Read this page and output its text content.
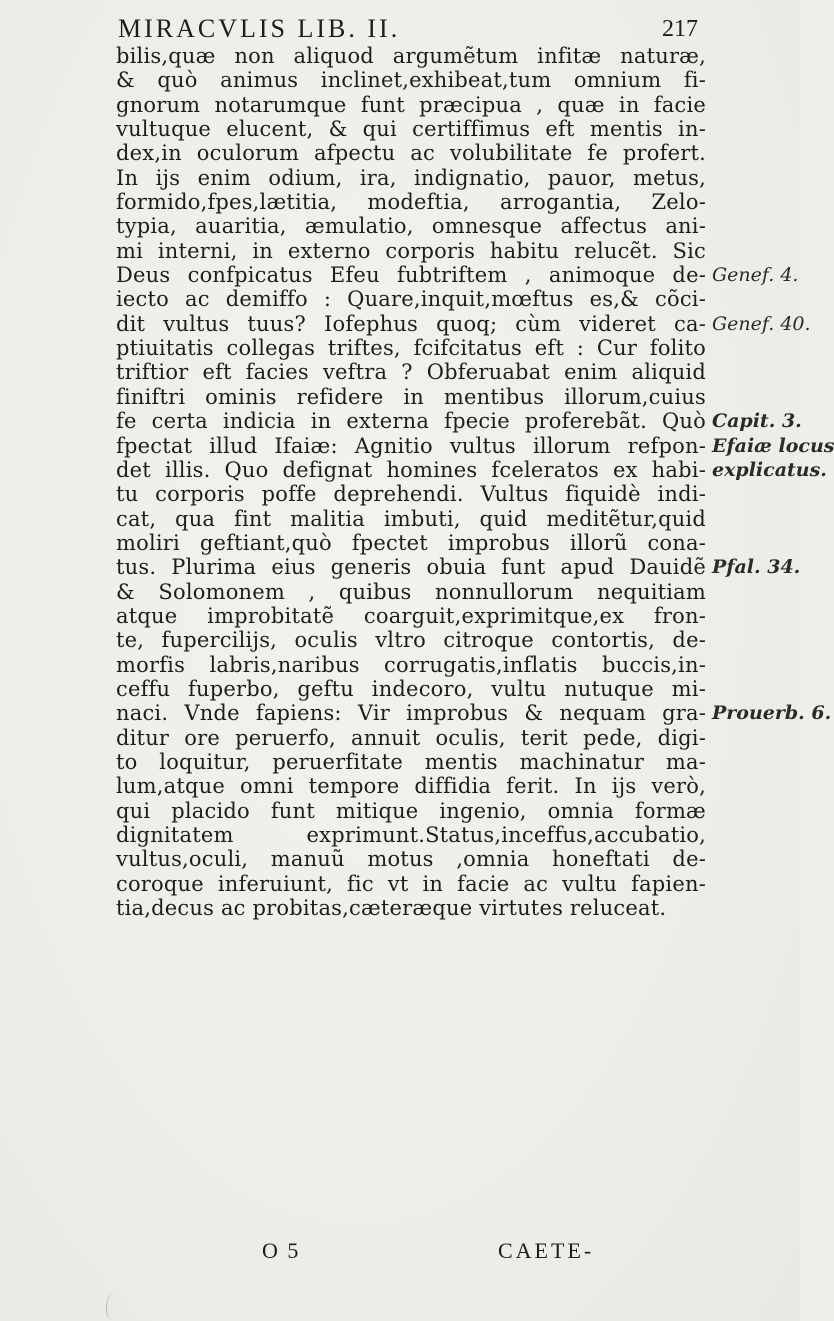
MIRACVLIS LIB. II.	217
bilis,quæ non aliquod argumẽtum infitæ naturæ,
& quò animus inclinet,exhibeat,tum omnium fi-
gnorum notarumque funt præcipua , quæ in facie
vultuque elucent, & qui certiffimus eft mentis in-
dex,in oculorum afpectu ac volubilitate fe profert.
In ijs enim odium, ira, indignatio, pauor, metus,
formido,fpes,lætitia, modeftia, arrogantia, Zelo-
typia, auaritia, æmulatio, omnesque affectus ani-
mi interni, in externo corporis habitu relucẽt. Sic
Deus confpicatus Efeu fubtriftem , animoque de-
iecto ac demiffo : Quare,inquit,mœftus es,& cõci-
dit vultus tuus? Iofephus quoq; cùm videret ca-
ptiuitatis collegas triftes, fcifcitatus eft : Cur folito
triftior eft facies veftra ? Obferuabat enim aliquid
finiftri ominis refidere in mentibus illorum,cuius
fe certa indicia in externa fpecie proferebãt. Quò
fpectat illud Ifaiæ: Agnitio vultus illorum refpon-
det illis. Quo defignat homines fceleratos ex habi-
tu corporis poffe deprehendi. Vultus fiquidè indi-
cat, qua fint malitia imbuti, quid meditẽtur,quid
moliri geftiant,quò fpectet improbus illorũ cona-
tus. Plurima eius generis obuia funt apud Dauidẽ
& Solomonem , quibus nonnullorum nequitiam
atque improbitatẽ coarguit,exprimitque,ex fron-
te, fupercilijs, oculis vltro citroque contortis, de-
morfis labris,naribus corrugatis,inflatis buccis,in-
ceffu fuperbo, geftu indecoro, vultu nutuque mi-
naci. Vnde fapiens: Vir improbus & nequam gra-
ditur ore peruerfo, annuit oculis, terit pede, digi-
to loquitur, peruerfitate mentis machinatur ma-
lum,atque omni tempore diffidia ferit. In ijs verò,
qui placido funt mitique ingenio, omnia formæ
dignitatem exprimunt.Status,inceffus,accubatio,
vultus,oculi, manuũ motus ,omnia honeftati de-
coroque inferuiunt, fic vt in facie ac vultu fapien-
tia,decus ac probitas,cæteræque virtutes reluceat.
Genef. 4.
Genef. 40.
Capit. 3.
Efaiæ locus
explicatus.
Pfal. 34.
Prouerb. 6.
O 5	CAETE-
